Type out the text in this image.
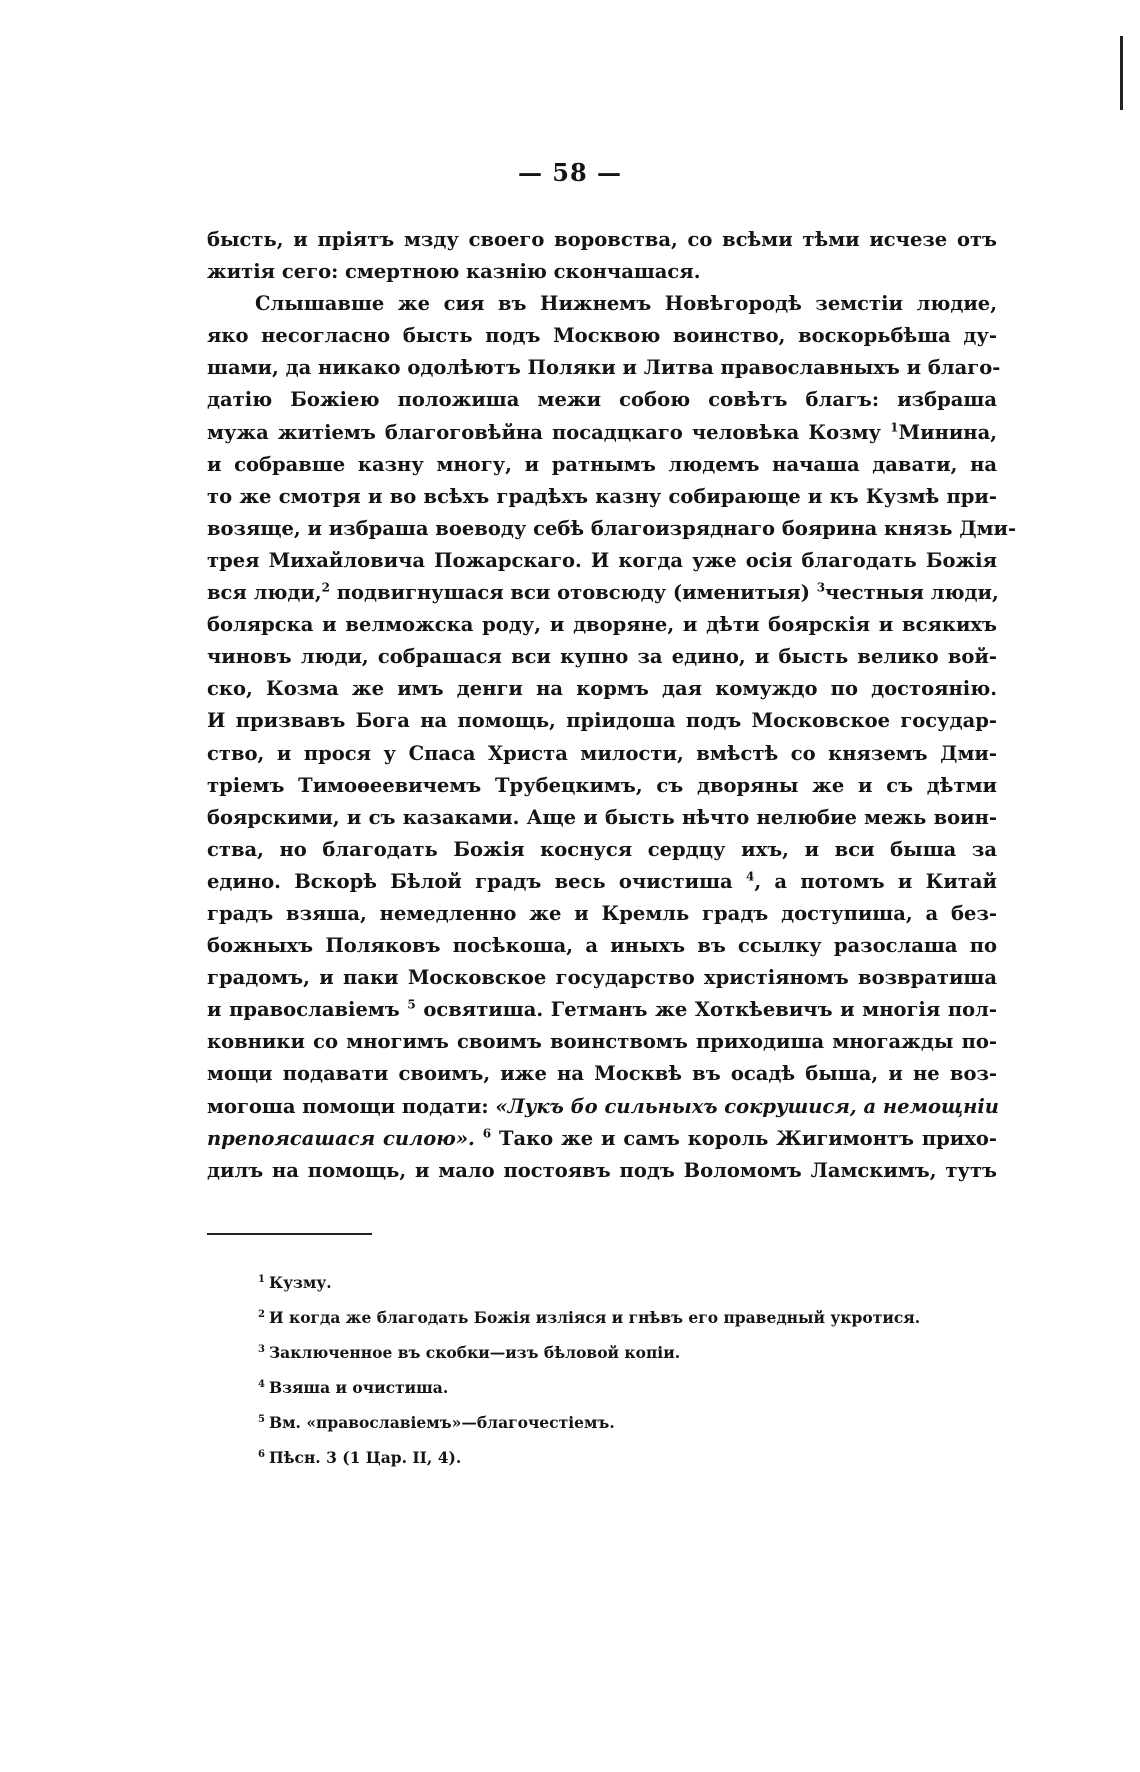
— 58 —
бысть, и прiятъ мзду своего воровства, со всѣми тѣми исчезе отъ
житiя сего: смертною казнiю скончашася.
Слышавше же сия въ Нижнемъ Новѣгородѣ земстiи людие,
яко несогласно бысть подъ Москвою воинство, воскорьбѣша ду-
шами, да никако одолѣютъ Поляки и Литва православныхъ и благо-
датiю Божiею положиша межи собою совѣтъ благъ: избраша
мужа житiемъ благоговѣйна посадцкаго человѣка Козму $^1$Минина,
и собравше казну многу, и ратнымъ людемъ начаша давати, на
то же смотря и во всѣхъ градѣхъ казну собирающе и къ Кузмѣ при-
возяще, и избраша воеводу себѣ благоизряднаго боярина князь Дми-
трея Михайловича Пожарскаго. И когда уже осiя благодать Божiя
вся люди,$^2$ подвигнушася вси отовсюду (именитыя) $^3$честныя люди,
болярска и велможска роду, и дворяне, и дѣти боярскiя и всякихъ
чиновъ люди, собрашася вси купно за едино, и бысть велико вой-
ско, Козма же имъ денги на кормъ дая комуждо по достоянiю.
И призвавъ Бога на помощь, прiидоша подъ Московское государ-
ство, и прося у Спаса Христа милости, вмѣстѣ со княземъ Дми-
трiемъ Тимоѳеевичемъ Трубецкимъ, съ дворяны же и съ дѣтми
боярскими, и съ казаками. Аще и бысть нѣчто нелюбие межь воин-
ства, но благодать Божiя коснуся сердцу ихъ, и вси быша за
едино. Вскорѣ Бѣлой градъ весь очистиша $^4$, а потомъ и Китай
градъ взяша, немедленно же и Кремль градъ доступиша, а без-
божныхъ Поляковъ посѣкоша, а иныхъ въ ссылку разослаша по
градомъ, и паки Московское государство христiяномъ возвратиша
и православiемъ $^5$ освятиша. Гетманъ же Хоткѣевичъ и многiя пол-
ковники со многимъ своимъ воинствомъ приходиша многажды по-
мощи подавати своимъ, иже на Москвѣ въ осадѣ быша, и не воз-
могоша помощи подати: «Лукъ бо сильныхъ сокрушися, а немощнiи
препоясашася силою». $^6$ Тако же и самъ король Жигимонтъ прихо-
дилъ на помощь, и мало постоявъ подъ Воломомъ Ламскимъ, тутъ
$^1$ Кузму.
$^2$ И когда же благодать Божiя излiяся и гнѣвъ его праведный укротися.
$^3$ Заключенное въ скобки—изъ бѣловой копiи.
$^4$ Взяша и очистиша.
$^5$ Вм. «православiемъ»—благочестiемъ.
$^6$ Пѣсн. 3 (1 Цар. II, 4).
